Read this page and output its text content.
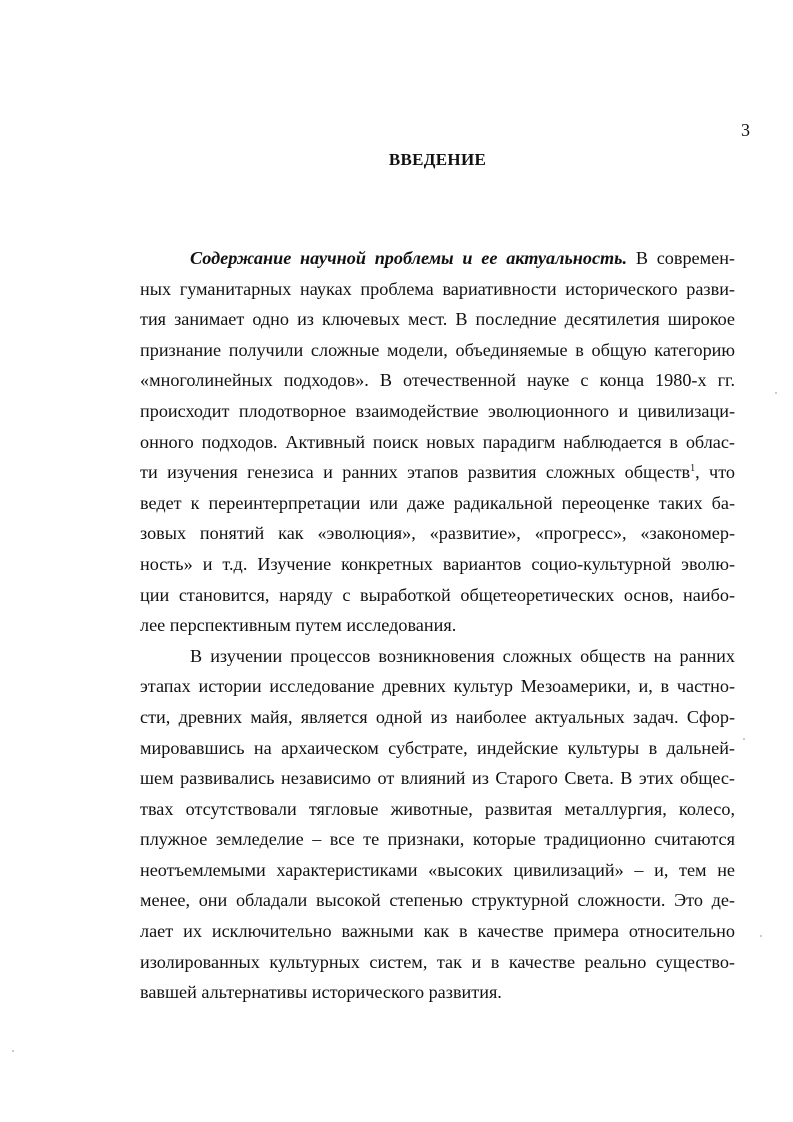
3
ВВЕДЕНИЕ
Содержание научной проблемы и ее актуальность. В современ-
ных гуманитарных науках проблема вариативности исторического разви-
тия занимает одно из ключевых мест. В последние десятилетия широкое
признание получили сложные модели, объединяемые в общую категорию
«многолинейных подходов». В отечественной науке с конца 1980-х гг.
происходит плодотворное взаимодействие эволюционного и цивилизаци-
онного подходов. Активный поиск новых парадигм наблюдается в облас-
ти изучения генезиса и ранних этапов развития сложных обществ$^1$, что
ведет к переинтерпретации или даже радикальной переоценке таких ба-
зовых понятий как «эволюция», «развитие», «прогресс», «закономер-
ность» и т.д. Изучение конкретных вариантов социо-культурной эволю-
ции становится, наряду с выработкой общетеоретических основ, наибо-
лее перспективным путем исследования.
В изучении процессов возникновения сложных обществ на ранних
этапах истории исследование древних культур Мезоамерики, и, в частно-
сти, древних майя, является одной из наиболее актуальных задач. Сфор-
мировавшись на архаическом субстрате, индейские культуры в дальней-
шем развивались независимо от влияний из Старого Света. В этих общес-
твах отсутствовали тягловые животные, развитая металлургия, колесо,
плужное земледелие – все те признаки, которые традиционно считаются
неотъемлемыми характеристиками «высоких цивилизаций» – и, тем не
менее, они обладали высокой степенью структурной сложности. Это де-
лает их исключительно важными как в качестве примера относительно
изолированных культурных систем, так и в качестве реально существо-
вавшей альтернативы исторического развития.
